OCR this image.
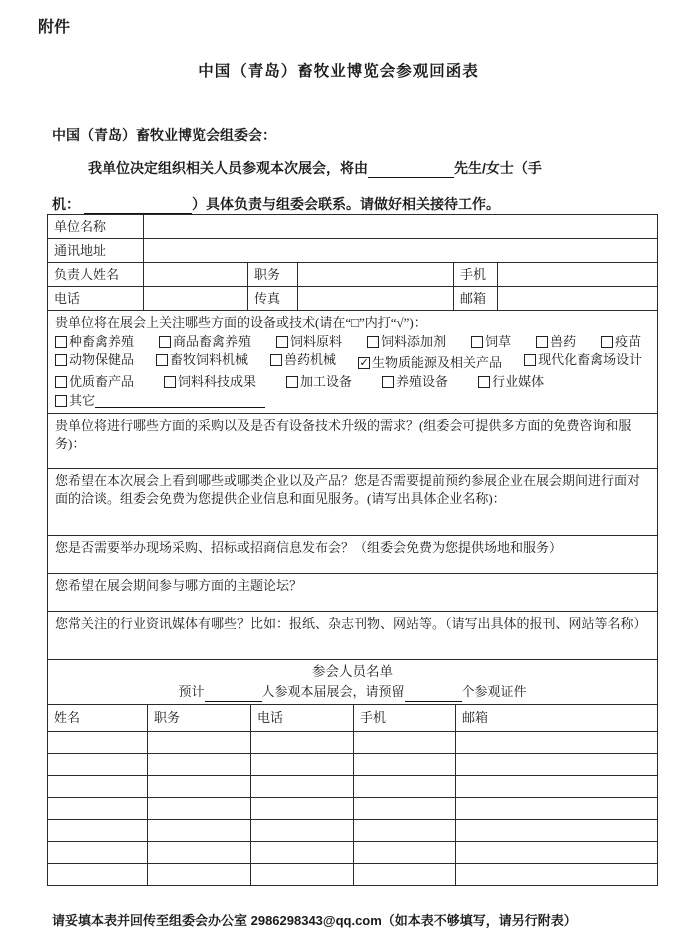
附件
中国（青岛）畜牧业博览会参观回函表
中国（青岛）畜牧业博览会组委会：
我单位决定组织相关人员参观本次展会，将由	先生/女士（手
机：	）具体负责与组委会联系。请做好相关接待工作。
单位名称					
通讯地址					
负责人姓名		职务		手机	
电话		传真		邮箱	

贵单位将在展会上关注哪些方面的设备或技术(请在“□”内打“√”)：
种畜禽养殖	商品畜禽养殖	饲料原料	饲料添加剂	饲草	兽药	疫苗
动物保健品	畜牧饲料机械	兽药机械 ✓ 生物质能源及相关产品	现代化畜禽场设计
优质畜产品	饲料科技成果	加工设备	养殖设备	行业媒体
其它

贵单位将进行哪些方面的采购以及是否有设备技术升级的需求？(组委会可提供多方面的免费咨询和服务)：					
您希望在本次展会上看到哪些或哪类企业以及产品？您是否需要提前预约参展企业在展会期间进行面对面的洽谈。组委会免费为您提供企业信息和面见服务。(请写出具体企业名称)：					
您是否需要举办现场采购、招标或招商信息发布会？（组委会免费为您提供场地和服务）					
您希望在展会期间参与哪方面的主题论坛？					
您常关注的行业资讯媒体有哪些？比如：报纸、杂志刊物、网站等。（请写出具体的报刊、网站等名称）					

参会人员名单
预计 人参观本届展会，请预留 个参观证件					
姓名	职务	电话	手机	邮箱

请妥填本表并回传至组委会办公室 2986298343@qq.com（如本表不够填写，请另行附表）
